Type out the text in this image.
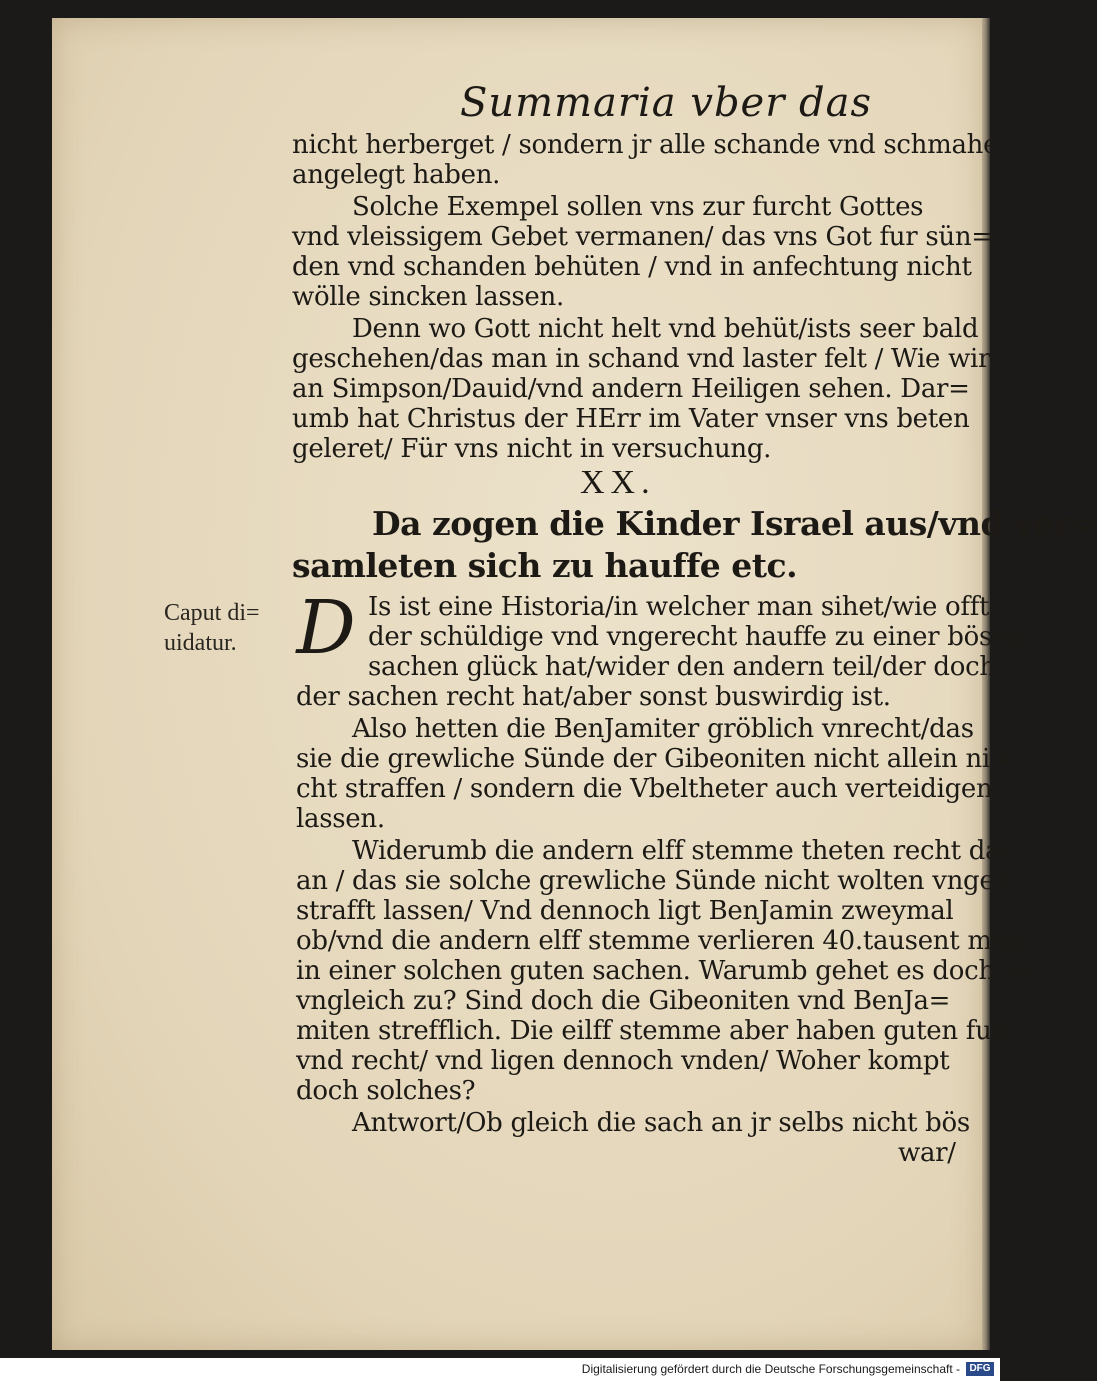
Summaria vber das
nicht herberget / sondern jr alle schande vnd schmahe
angelegt haben.
Solche Exempel sollen vns zur furcht Gottes
vnd vleissigem Gebet vermanen/ das vns Got fur sün=
den vnd schanden behüten / vnd in anfechtung nicht
wölle sincken lassen.
Denn wo Gott nicht helt vnd behüt/ists seer bald
geschehen/das man in schand vnd laster felt / Wie wir
an Simpson/Dauid/vnd andern Heiligen sehen. Dar=
umb hat Christus der HErr im Vater vnser vns beten
geleret/ Für vns nicht in versuchung.
XX.
Da zogen die Kinder Israel aus/vnd ver=
samleten sich zu hauffe etc.
Caput di=
uidatur. D Is ist eine Historia/in welcher man sihet/wie offt
der schüldige vnd vngerecht hauffe zu einer bösen
sachen glück hat/wider den andern teil/der doch
der sachen recht hat/aber sonst buswirdig ist.
Also hetten die BenJamiter gröblich vnrecht/das
sie die grewliche Sünde der Gibeoniten nicht allein ni=
cht straffen / sondern die Vbeltheter auch verteidigen
lassen.
Widerumb die andern elff stemme theten recht dar
an / das sie solche grewliche Sünde nicht wolten vnge=
strafft lassen/ Vnd dennoch ligt BenJamin zweymal
ob/vnd die andern elff stemme verlieren 40.tausent man
in einer solchen guten sachen. Warumb gehet es doch so
vngleich zu? Sind doch die Gibeoniten vnd BenJa=
miten strefflich. Die eilff stemme aber haben guten fug
vnd recht/ vnd ligen dennoch vnden/ Woher kompt
doch solches?
Antwort/Ob gleich die sach an jr selbs nicht bös
war/
Digitalisierung gefördert durch die Deutsche Forschungsgemeinschaft - DFG
